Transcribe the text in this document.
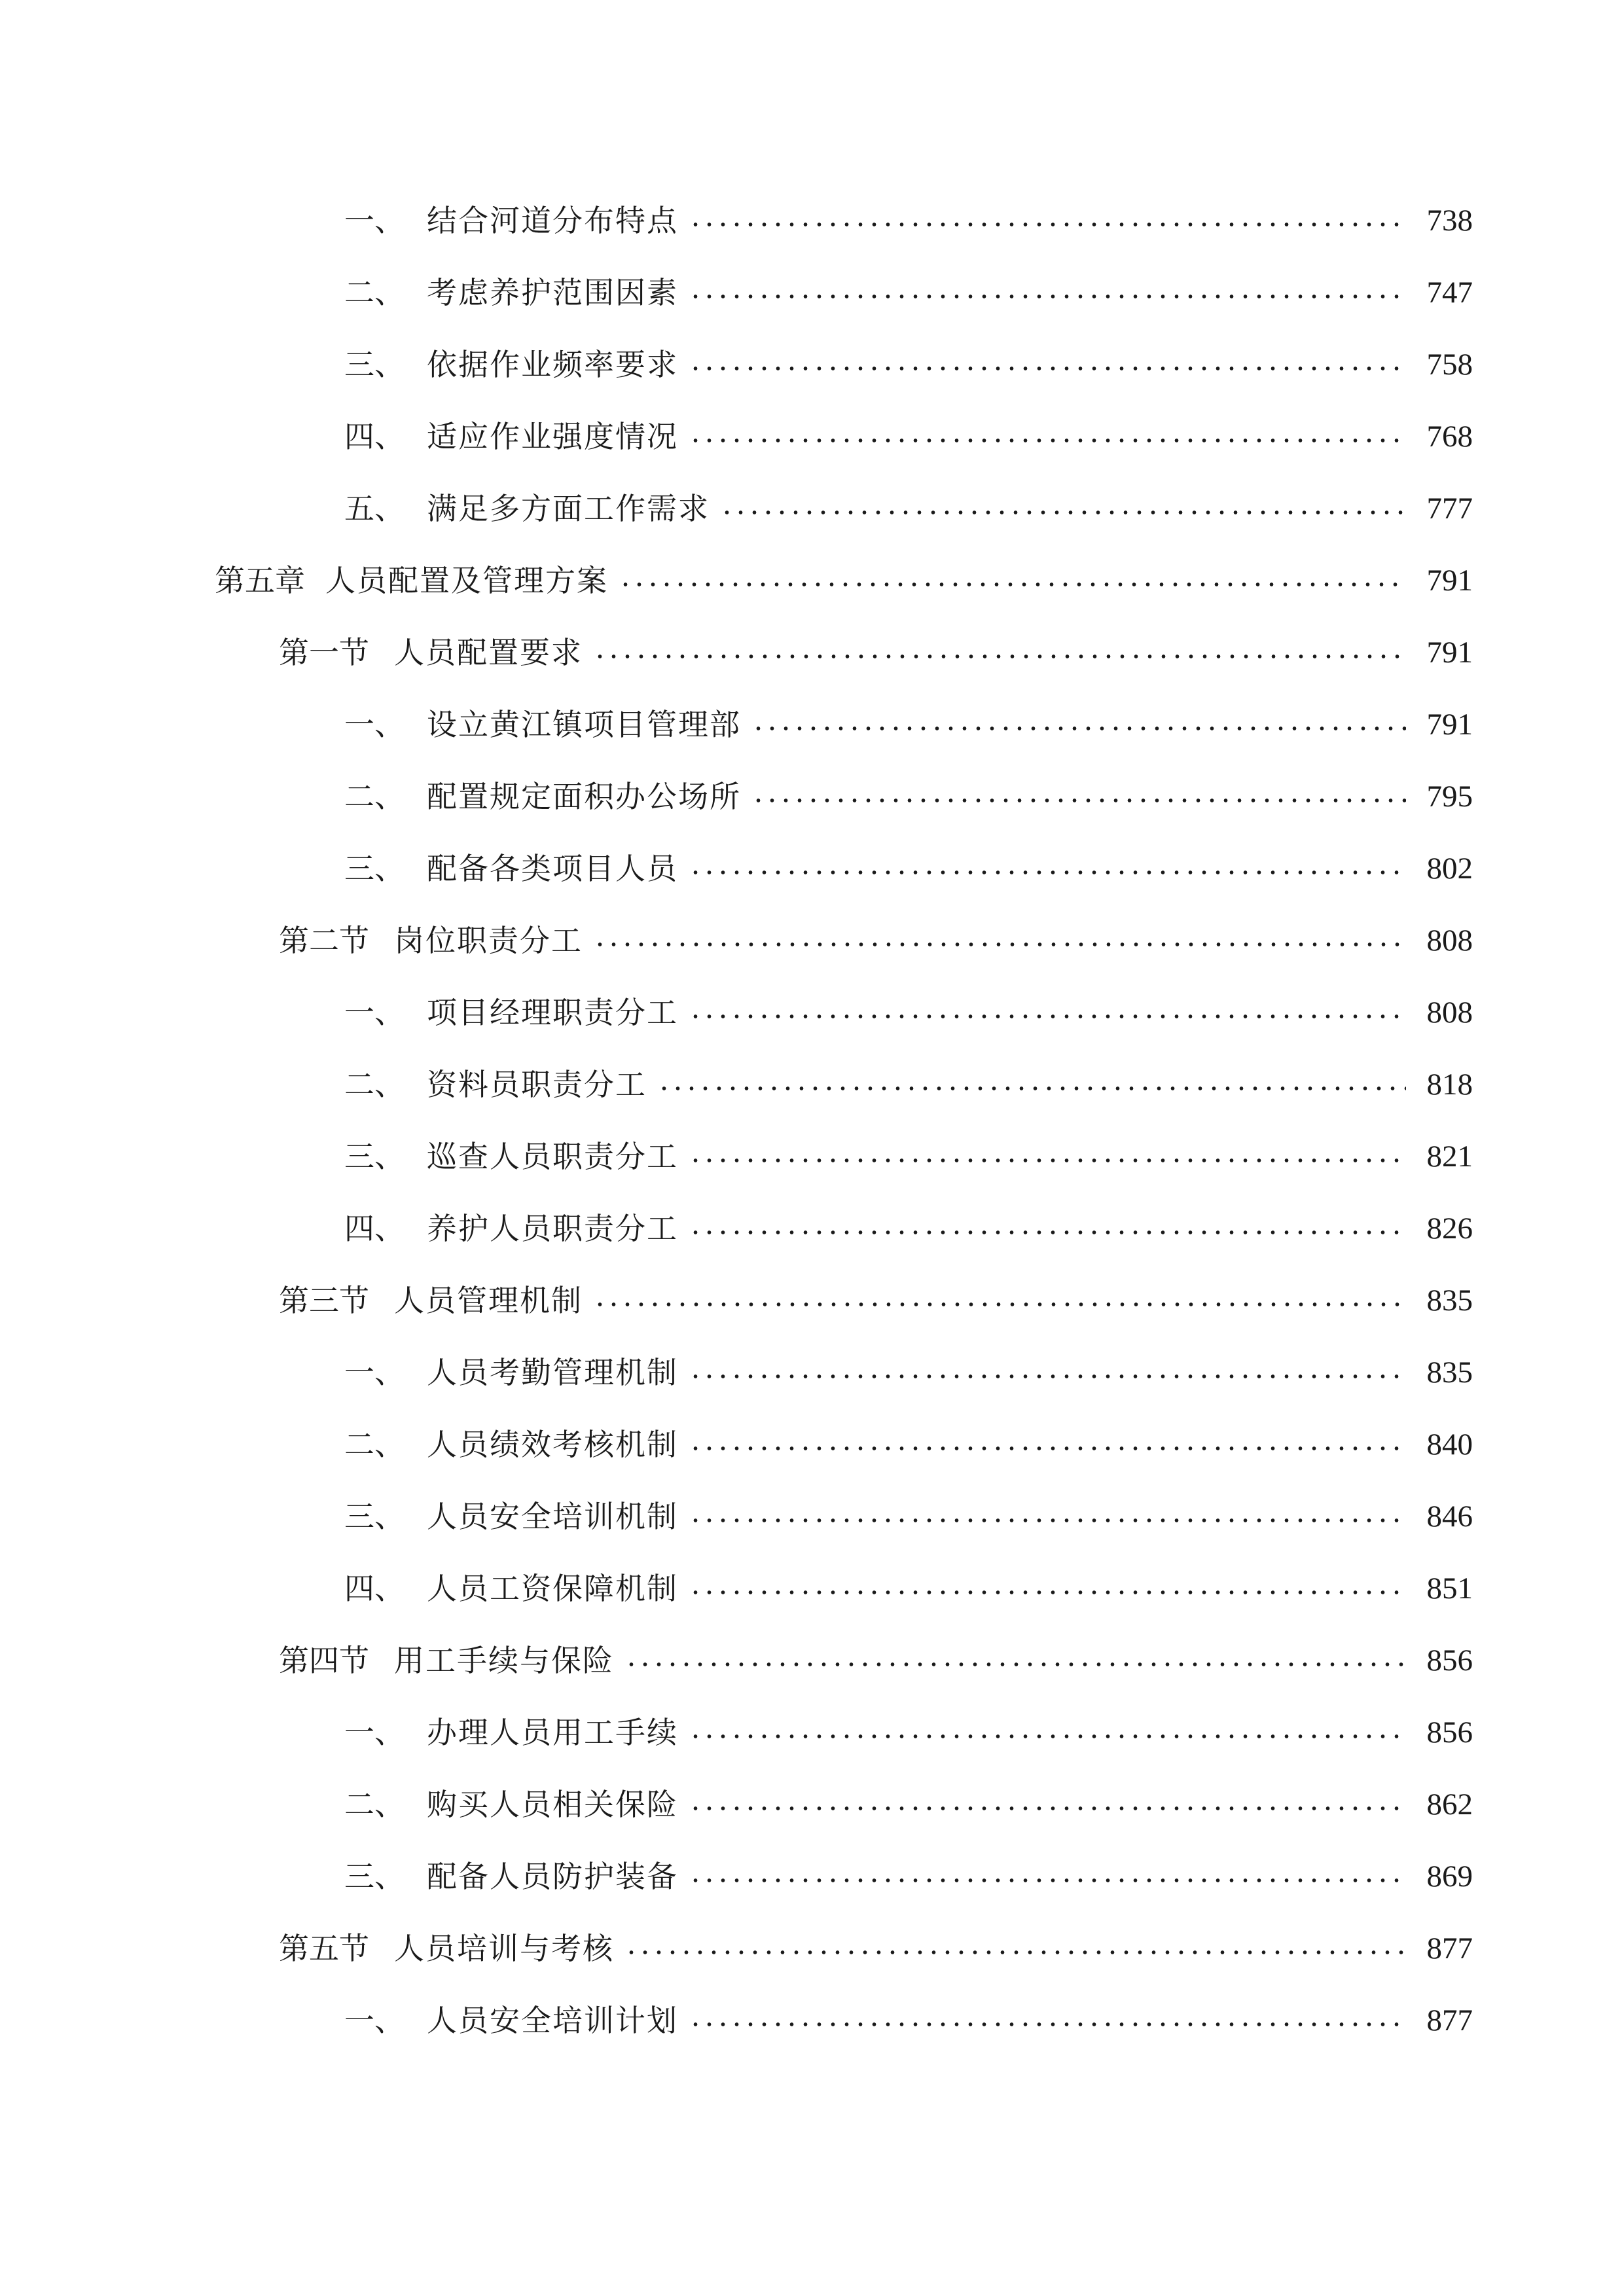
一、 结合河道分布特点	738
二、 考虑养护范围因素	747
三、 依据作业频率要求	758
四、 适应作业强度情况	768
五、 满足多方面工作需求	777
第五章 人员配置及管理方案	791
第一节 人员配置要求	791
一、 设立黄江镇项目管理部	791
二、 配置规定面积办公场所	795
三、 配备各类项目人员	802
第二节 岗位职责分工	808
一、 项目经理职责分工	808
二、 资料员职责分工	818
三、 巡查人员职责分工	821
四、 养护人员职责分工	826
第三节 人员管理机制	835
一、 人员考勤管理机制	835
二、 人员绩效考核机制	840
三、 人员安全培训机制	846
四、 人员工资保障机制	851
第四节 用工手续与保险	856
一、 办理人员用工手续	856
二、 购买人员相关保险	862
三、 配备人员防护装备	869
第五节 人员培训与考核	877
一、 人员安全培训计划	877
